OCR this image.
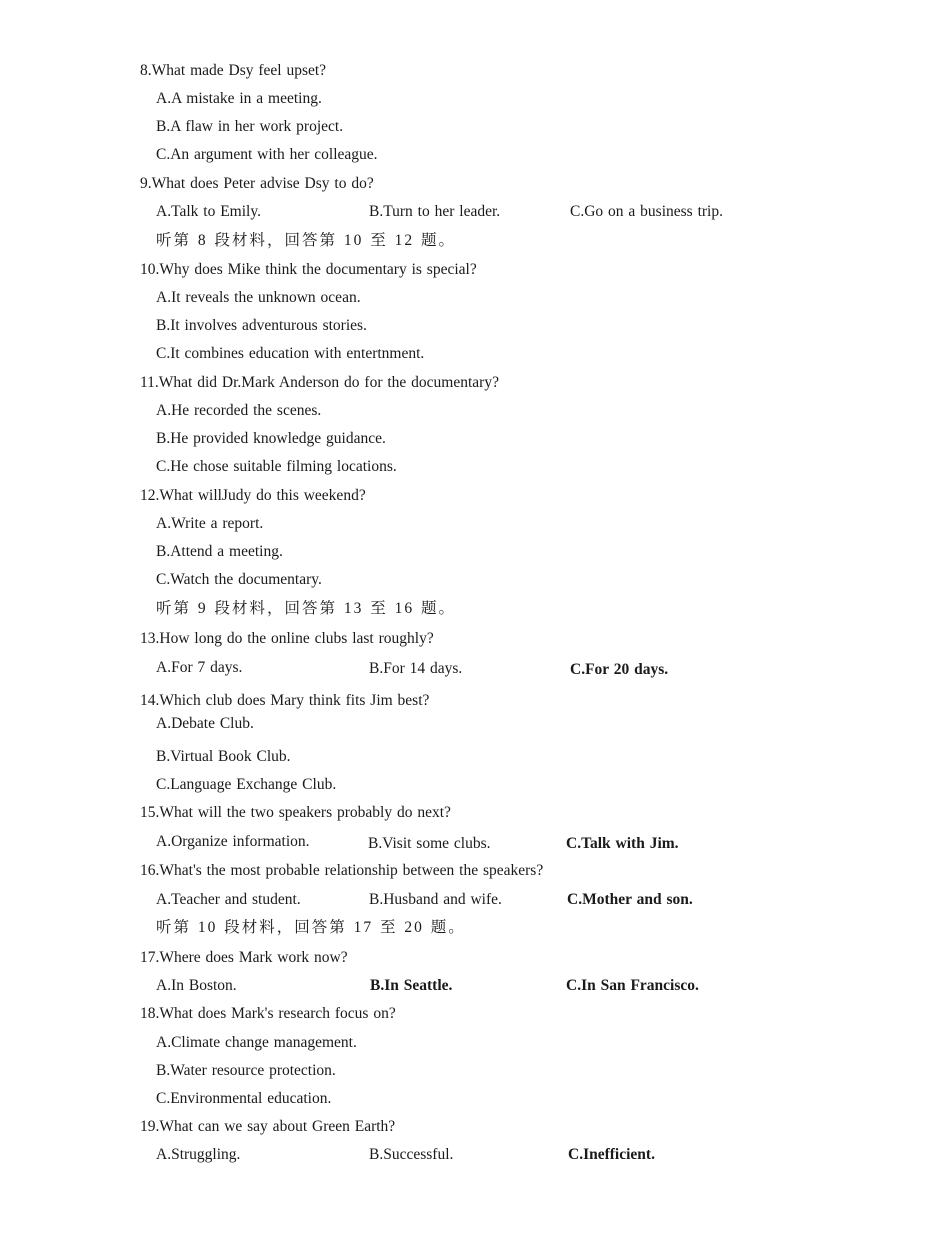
8.What made Dsy feel upset?
A.A mistake in a meeting.
B.A flaw in her work project.
C.An argument with her colleague.
9.What does Peter advise Dsy to do?
A.Talk to Emily.	B.Turn to her leader.	C.Go on a business trip.
听第 8 段材料，回答第 10 至 12 题。
10.Why does Mike think the documentary is special?
A.It reveals the unknown ocean.
B.It involves adventurous stories.
C.It combines education with entertnment.
11.What did Dr.Mark Anderson do for the documentary?
A.He recorded the scenes.
B.He provided knowledge guidance.
C.He chose suitable filming locations.
12.What willJudy do this weekend?
A.Write a report.
B.Attend a meeting.
C.Watch the documentary.
听第 9 段材料，回答第 13 至 16 题。
13.How long do the online clubs last roughly?
A.For 7 days.	B.For 14 days.	C.For 20 days.
14.Which club does Mary think fits Jim best?
A.Debate Club.
B.Virtual Book Club.
C.Language Exchange Club.
15.What will the two speakers probably do next?
A.Organize information.	B.Visit some clubs.	C.Talk with Jim.
16.What's the most probable relationship between the speakers?
A.Teacher and student.	B.Husband and wife.	C.Mother and son.
听第 10 段材料，回答第 17 至 20 题。
17.Where does Mark work now?
A.In Boston.	B.In Seattle.	C.In San Francisco.
18.What does Mark's research focus on?
A.Climate change management.
B.Water resource protection.
C.Environmental education.
19.What can we say about Green Earth?
A.Struggling.	B.Successful.	C.Inefficient.
